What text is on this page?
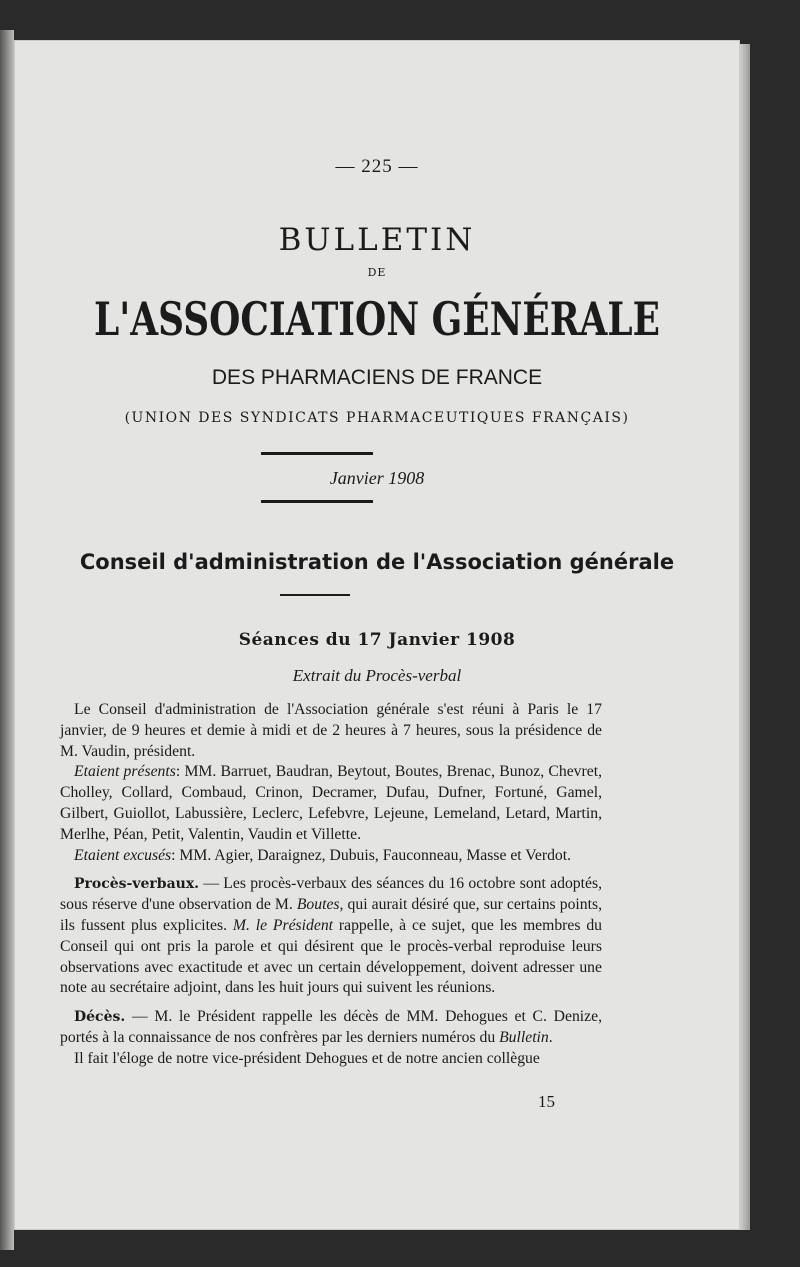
— 225 —
BULLETIN
DE
L'ASSOCIATION GÉNÉRALE
DES PHARMACIENS DE FRANCE
(UNION DES SYNDICATS PHARMACEUTIQUES FRANÇAIS)
Janvier 1908
Conseil d'administration de l'Association générale
Séances du 17 Janvier 1908
Extrait du Procès-verbal

Le Conseil d'administration de l'Association générale s'est réuni à Paris le 17 janvier, de 9 heures et demie à midi et de 2 heures à 7 heures, sous la présidence de M. Vaudin, président.

Etaient présents: MM. Barruet, Baudran, Beytout, Boutes, Brenac, Bunoz, Chevret, Cholley, Collard, Combaud, Crinon, Decramer, Dufau, Dufner, Fortuné, Gamel, Gilbert, Guiollot, Labussière, Leclerc, Lefebvre, Lejeune, Lemeland, Letard, Martin, Merlhe, Péan, Petit, Valentin, Vaudin et Villette.

Etaient excusés: MM. Agier, Daraignez, Dubuis, Fauconneau, Masse et Verdot.

Procès-verbaux. — Les procès-verbaux des séances du 16 octobre sont adoptés, sous réserve d'une observation de M. Boutes, qui aurait désiré que, sur certains points, ils fussent plus explicites. M. le Président rappelle, à ce sujet, que les membres du Conseil qui ont pris la parole et qui désirent que le procès-verbal reproduise leurs observations avec exactitude et avec un certain développement, doivent adresser une note au secrétaire adjoint, dans les huit jours qui suivent les réunions.

Décès. — M. le Président rappelle les décès de MM. Dehogues et C. Denize, portés à la connaissance de nos confrères par les derniers numéros du Bulletin.

Il fait l'éloge de notre vice-président Dehogues et de notre ancien collègue

15
